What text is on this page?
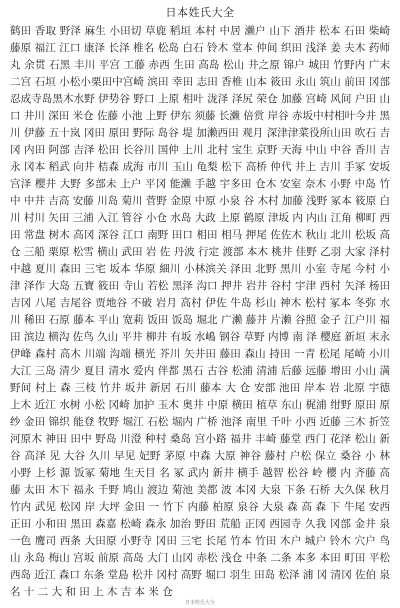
日本姓氏大全
鹤田 香取 野泽 麻生 小田切 草鹿 稻垣 本村 中居 濑户 山下 酒井 松本 石田 柴崎 藤原 福江 江口 康泽 长泽 椎名 松岛 白石 铃木 堂本 仲间 织田 浅泽 姜 夫木 药师丸 余贯 石黑 丰川 平宫 工藤 赤西 生田 高岛 松山 井之原 锦户 城田 竹野内 广末 二宫 石垣 小松小栗田中宫崎 滨田 幸田 志田 香椎 山本 筱田 永山 筑山 前田 冈部 忍成寺岛黑木水野 伊势谷 野口 上原 相叶 泷泽 泽尻 荣仓 加藤 宫崎 风间 户田 山口 井川 深田 米仓 佐藤 小池 上野 伊东 须藤 长濑 倍赏 岸谷 赤坂中村相叶今井 黑川 伊藤 五十岚 冈田 原田 野际 岛谷 堤 加濑西田 观月 深津津菜役所山田 吹石 吉冈 内田 阿部 吉泽 松田 长谷川 国仲 上川 北村 宝生 京野 天海 中山 中谷 香川 吉永 冈本 稻武 向井 桔森 成海 市川 玉山 龟梨 松下 高桥 仲代 井上 吉川 手冢 安坂 宫泽 樱井 大野 多部未 上户 平冈 能濑 手越 宇多田 仓木 安室 奈木 小野 中岛 竹中 中井 吉高 安藤 川岛 菊川 菅野 金原 中原 小泉 谷 木村 加藤 浅野 冢本 筱原 白川 村川 矢田 三浦 入江 管谷 小仓 水岛 大政 上原 鹤原 津坂 内 内山 江角 柳町 西田 常盘 树木 高冈 深谷 江口 南野 田口 相田 相马 押尾 佐佐木 秋山 北川 松坂 高仓 三船 栗原 松雪 横山 武田 岩 佐 丹波 行定 渡部 本木 桃井 佳野 乙羽 大家 泽村 中越 夏川 森田 三宅 坂本 华原 細川 小林滨关 泽田 北野 黑川 小室 寺尾 今村 小津 泽作 大岛 五寶 筱田 寺山 若松 黑泽 沟口 押井 岩井 谷村 宇津 西村 矢泽 杨田 吉冈 八尾 吉尾谷 贾地谷 不破 岩月 高村 伊佐 牛岛 杉山 神木 松村 冢本 冬弥 水川 稀田 石原 藤本 平山 宽莉 饭田 饭岛 堀北 广濑 藤井 片濑 谷照 金子 江户川 福田 滨边 横沟 佐鸟 久山 平井 柳井 有坂 水嶋 钢谷 草野 内博 南 泽 樱庭 新垣 末永 伊峰 森村 高木 川端 沟端 横光 芥川 矢井田 藤田 森山 持田 一青 松尾 尾崎 小川 大江 三岛 清少 夏目 清水 爱内 伴都 黑石 古谷 松浦 清浦 后藤 远藤 增田 小山 满 野间 村上 森 三枝 竹井 坂井 新居 石川 藤本 大 仓 安部 池田 岸本 岩 北原 宇德 上木 近江 水树 小松 冈崎 加护 玉木 奥井 中原 横田 植草 东山 梶浦 绀野 原田 原纱 金田 锦织 能登 牧野 堀江 石松 堀内 广桥 池泽 南里 千叶 小西 近藤 三木 折笠 河原木 神田 田中 野岛 川澄 种村 桑岛 宫小路 福井 丰崎 藤堂 西门 花泽 松山 新谷 高泽 见 大谷 久川 早见 妃野 茅原 中森 大原 神谷 藤村 户松 保立 桑谷 小 林 小野 上杉 源 饭冢 菊地 生天目 名 冢 武内 新井 横手 越智 松谷 岭 樱 内 齐藤 高藤 太田 木下 福永 千野 鸠山 渡边 菊池 美都 波 本冈 大泉 下条 石桥 大久保 秋月 竹内 武见 松冈 岸 大坪 金田 一 竹下 内藤 柏原 泉谷 大泉 森 高 森 下 牛尾 安西 正田 小和田 黑田 森嘉 松崎 森永 加治 野田 荒船 正冈 西园寺 久我 冈部 金井 泉 一色 鹰司 西条 大田原 小野寺 冈田 三宅 长尾 竹本 竹田 木户 城户 铃木 穴户 鸟山 永岛 梅山 宫坂 前原 高岛 大门 山冈 赤松 浅仓 中条 二条 本多 本田 町田 平松 西岛 近江 森口 东条 堂島 松井 冈村 高野 堀口 羽生 田岛 松泽 浦 冈 清冈 佐伯 泉 名 十 二 大 和 田 上 木 吉 本 米 仓
日本姓氏大全
